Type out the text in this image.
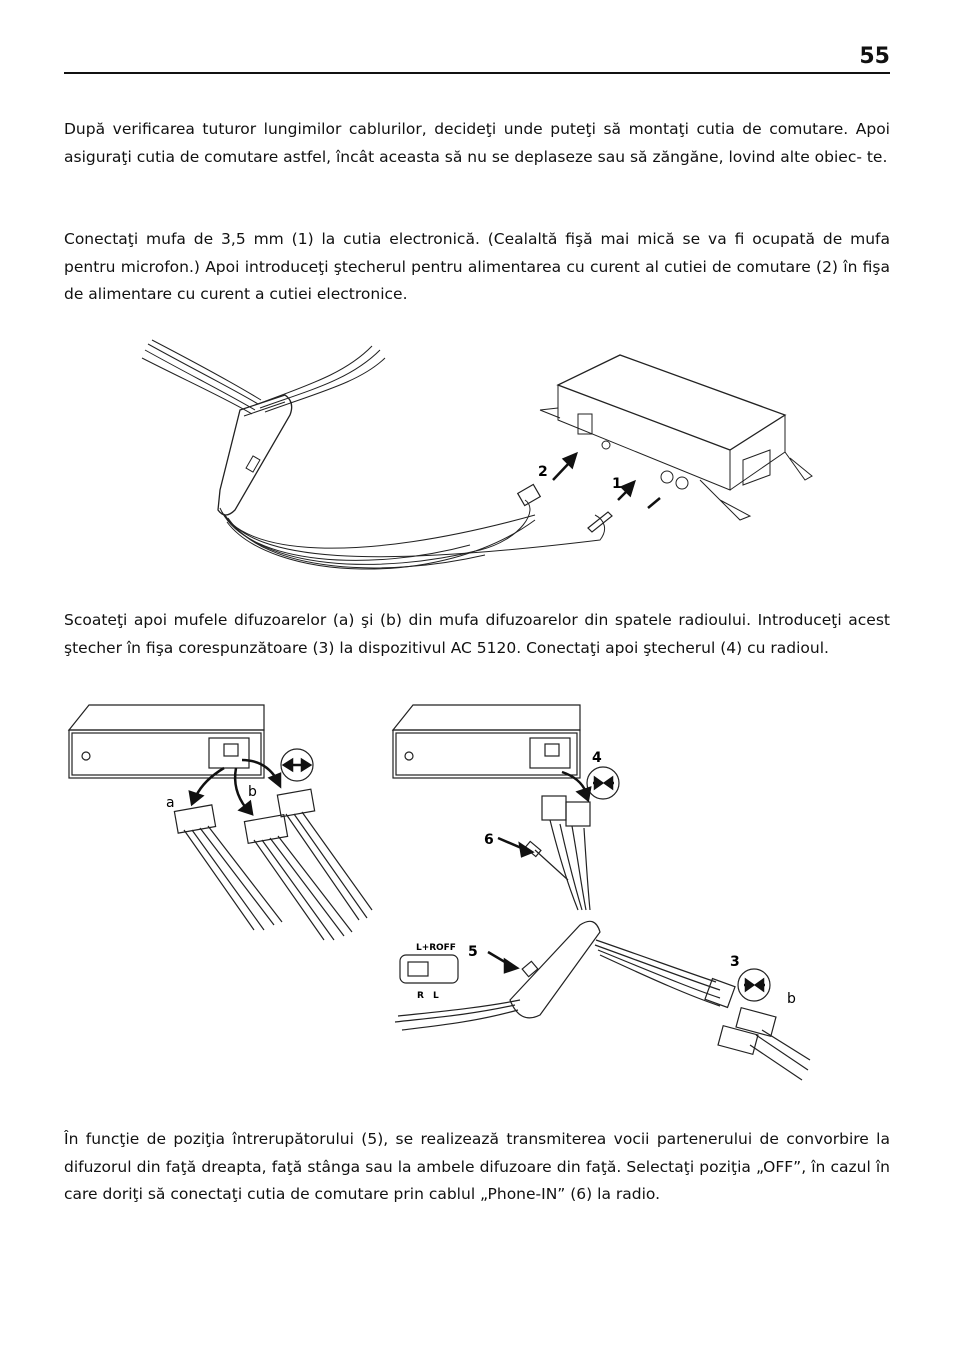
55

După verificarea tuturor lungimilor cablurilor, decideţi unde puteţi să montaţi cutia de comutare. Apoi asiguraţi cutia de comutare astfel, încât aceasta să nu se deplaseze sau să zăngăne, lovind alte obiec- te.

Conectaţi mufa de 3,5 mm (1) la cutia electronică. (Cealaltă fişă mai mică se va fi ocupată de mufa pentru microfon.) Apoi introduceţi ştecherul pentru alimentarea cu curent al cutiei de comutare (2) în fişa de alimentare cu curent a cutiei electronice.

2
1

Scoateţi apoi mufele difuzoarelor (a) şi (b) din mufa difuzoarelor din spatele radioului. Introduceţi acest ştecher în fişa corespunzătoare (3) la dispozitivul AC 5120. Conectaţi apoi ştecherul (4) cu radioul.

a
b
4
6
5
3
b
L+R OFF
R L

În funcţie de poziţia întrerupătorului (5), se realizează transmiterea vocii partenerului de convorbire la difuzorul din faţă dreapta, faţă stânga sau la ambele difuzoare din faţă. Selectaţi poziţia „OFF”, în cazul în care doriţi să conectaţi cutia de comutare prin cablul „Phone-IN” (6) la radio.
